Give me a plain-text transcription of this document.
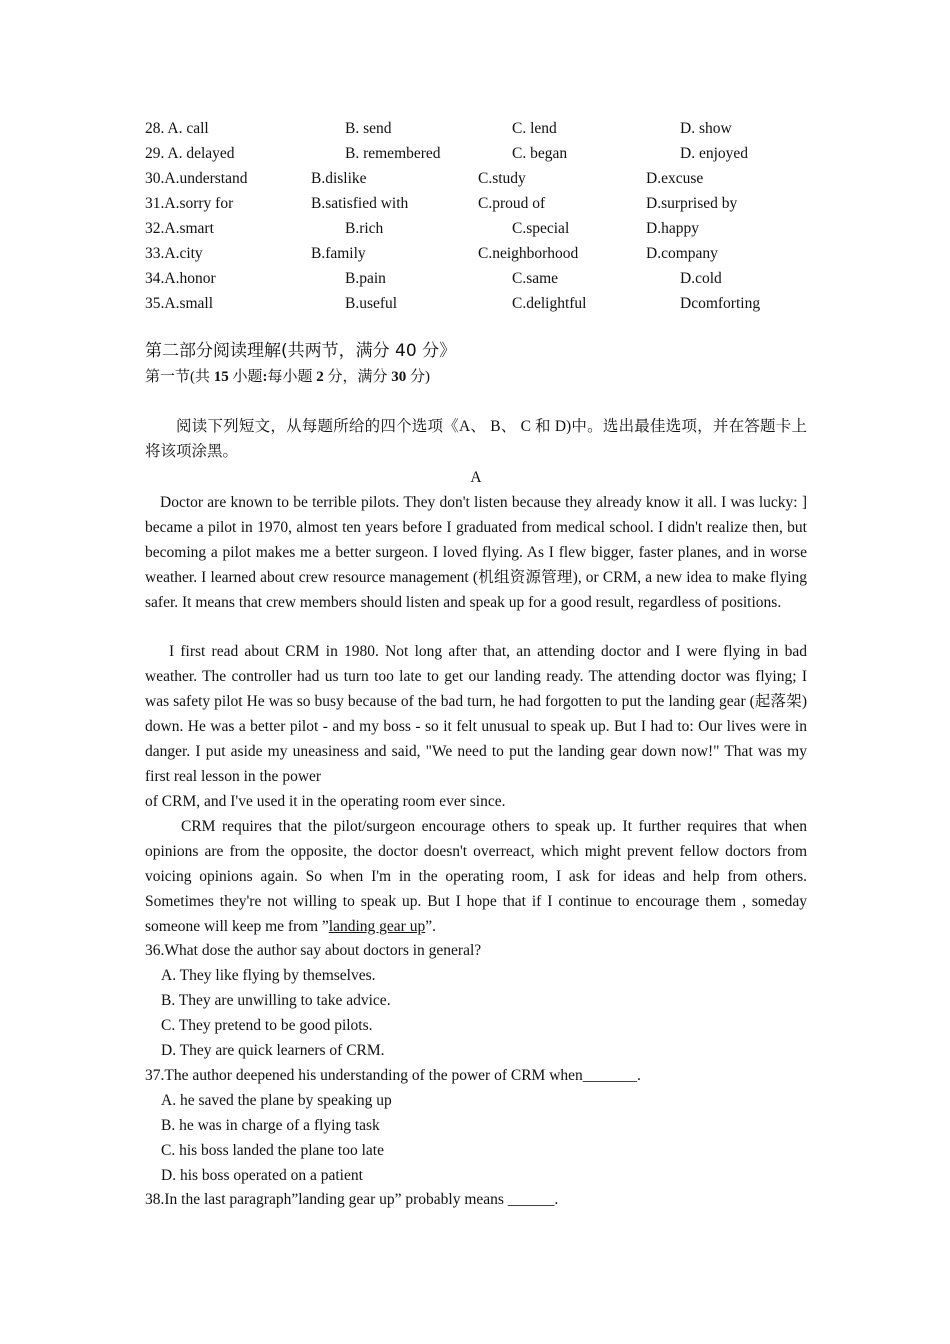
28. A. call	B. send	C. lend	D. show
29. A. delayed	B. remembered	C. began	D. enjoyed
30.A.understand	B.dislike	C.study	D.excuse
31.A.sorry for	B.satisfied with	C.proud of	D.surprised by
32.A.smart	B.rich	C.special	D.happy
33.A.city	B.family	C.neighborhood	D.company
34.A.honor	B.pain	C.same	D.cold
35.A.small	B.useful	C.delightful	Dcomforting
第二部分阅读理解(共两节，满分 40 分》
第一节(共 15 小题:每小题 2 分，满分 30 分)
阅读下列短文，从每题所给的四个选项《A、 B、 C 和 D)中。选出最佳选项，并在答题卡上将该项涂黑。
A
Doctor are known to be terrible pilots. They don't listen because they already know it all. I was lucky: ] became a pilot in 1970, almost ten years before I graduated from medical school. I didn't realize then, but becoming a pilot makes me a better surgeon. I loved flying. As I flew bigger, faster planes, and in worse weather. I learned about crew resource management (机组资源管理), or CRM, a new idea to make flying safer. It means that crew members should listen and speak up for a good result, regardless of positions.
I first read about CRM in 1980. Not long after that, an attending doctor and I were flying in bad weather. The controller had us turn too late to get our landing ready. The attending doctor was flying; I was safety pilot He was so busy because of the bad turn, he had forgotten to put the landing gear (起落架) down. He was a better pilot - and my boss - so it felt unusual to speak up. But I had to: Our lives were in danger. I put aside my uneasiness and said, "We need to put the landing gear down now!" That was my first real lesson in the power
of CRM, and I've used it in the operating room ever since.
CRM requires that the pilot/surgeon encourage others to speak up. It further requires that when opinions are from the opposite, the doctor doesn't overreact, which might prevent fellow doctors from voicing opinions again. So when I'm in the operating room, I ask for ideas and help from others. Sometimes they're not willing to speak up. But I hope that if I continue to encourage them , someday someone will keep me from ”landing gear up”.
36.What dose the author say about doctors in general?
A. They like flying by themselves.
B. They are unwilling to take advice.
C. They pretend to be good pilots.
D. They are quick learners of CRM.
37.The author deepened his understanding of the power of CRM when_______.
A. he saved the plane by speaking up
B. he was in charge of a flying task
C. his boss landed the plane too late
D. his boss operated on a patient
38.In the last paragraph”landing gear up” probably means ______.
